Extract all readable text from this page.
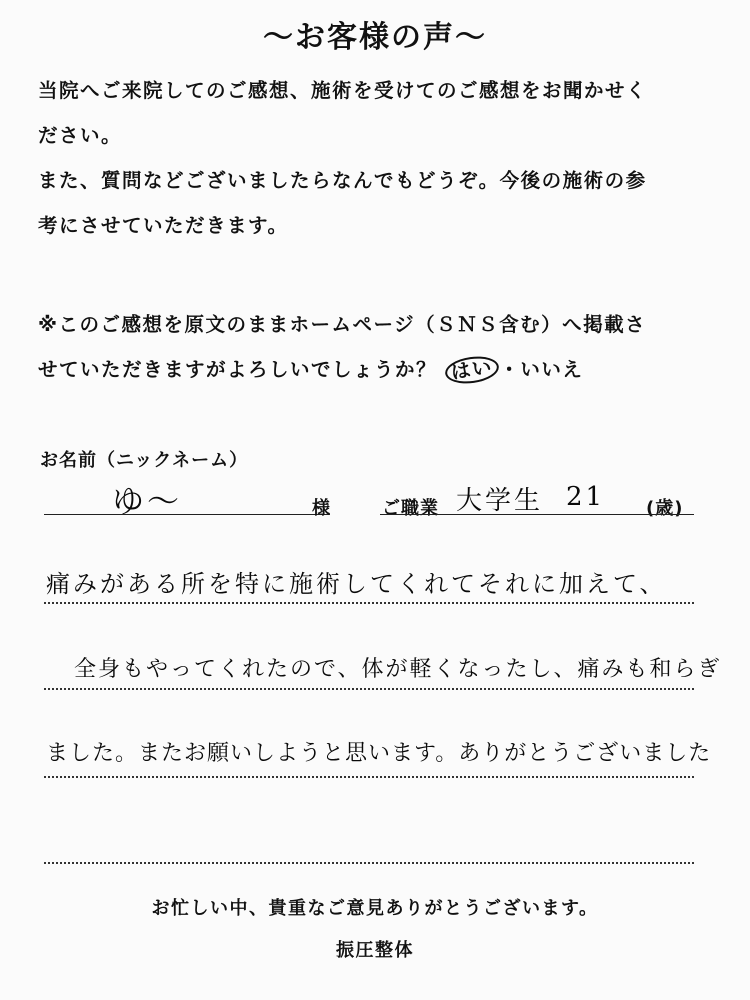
～お客様の声～
当院へご来院してのご感想、施術を受けてのご感想をお聞かせく
ださい。
また、質問などございましたらなんでもどうぞ。今後の施術の参
考にさせていただきます。
※このご感想を原文のままホームページ（ＳＮＳ含む）へ掲載さ
せていただきますがよろしいでしょうか？ はい ・いいえ
お名前（ニックネーム）
ゆ〜	様	ご職業 大学生 21 (歳)
痛みがある所を特に施術してくれてそれに加えて、
全身もやってくれたので、体が軽くなったし、痛みも和らぎ
ました。またお願いしようと思います。ありがとうございました
お忙しい中、貴重なご意見ありがとうございます。
振圧整体
